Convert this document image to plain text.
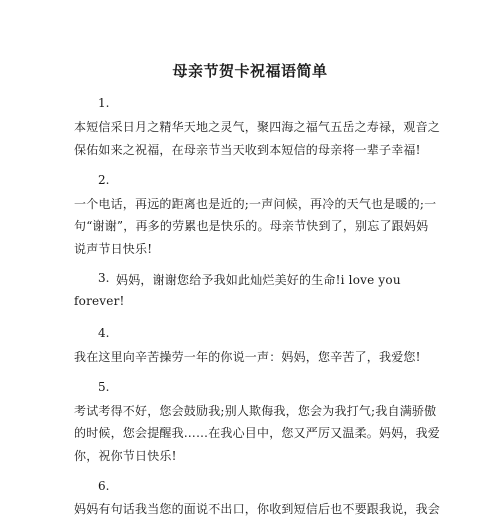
母亲节贺卡祝福语简单
1.
本短信采日月之精华天地之灵气，聚四海之福气五岳之寿禄，观音之
保佑如来之祝福，在母亲节当天收到本短信的母亲将一辈子幸福!
2.
一个电话，再远的距离也是近的;一声问候，再冷的天气也是暖的;一
句“谢谢”，再多的劳累也是快乐的。母亲节快到了，别忘了跟妈妈
说声节日快乐!
3. 妈妈，谢谢您给予我如此灿烂美好的生命!i love you
forever!
4.
我在这里向辛苦操劳一年的你说一声：妈妈，您辛苦了，我爱您!
5.
考试考得不好，您会鼓励我;别人欺侮我，您会为我打气;我自满骄傲
的时候，您会提醒我……在我心目中，您又严厉又温柔。妈妈，我爱
你，祝你节日快乐!
6.
妈妈有句话我当您的面说不出口，你收到短信后也不要跟我说，我会
